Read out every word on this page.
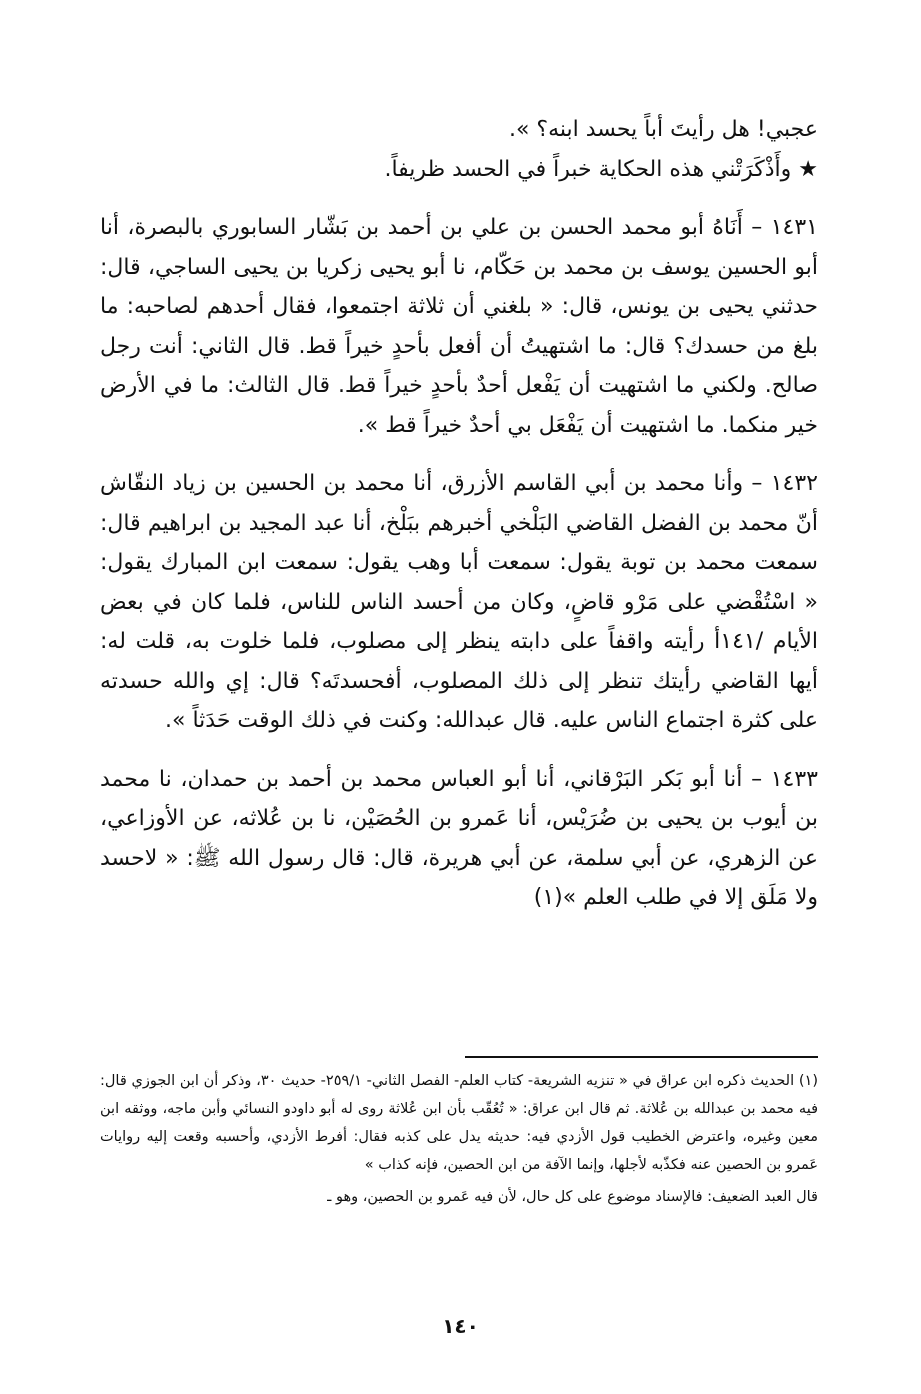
عجبي! هل رأيتَ أباً يحسد ابنه؟ ».
★ وأَذْكَرَتْني هذه الحكاية خبراً في الحسد ظريفاً.

١٤٣١ – أَنَاهُ أبو محمد الحسن بن علي بن أحمد بن بَشّار السابوري بالبصرة، أنا أبو الحسين يوسف بن محمد بن حَكّام، نا أبو يحيى زكريا بن يحيى الساجي، قال: حدثني يحيى بن يونس، قال: « بلغني أن ثلاثة اجتمعوا، فقال أحدهم لصاحبه: ما بلغ من حسدك؟ قال: ما اشتهيتُ أن أفعل بأحدٍ خيراً قط. قال الثاني: أنت رجل صالح. ولكني ما اشتهيت أن يَفْعل أحدٌ بأحدٍ خيراً قط. قال الثالث: ما في الأرض خير منكما. ما اشتهيت أن يَفْعَل بي أحدٌ خيراً قط ».

١٤٣٢ – وأنا محمد بن أبي القاسم الأزرق، أنا محمد بن الحسين بن زياد النقّاش أنّ محمد بن الفضل القاضي البَلْخي أخبرهم ببَلْخ، أنا عبد المجيد بن ابراهيم قال: سمعت محمد بن توبة يقول: سمعت أبا وهب يقول: سمعت ابن المبارك يقول: « اسْتُقْضي على مَرْو قاضٍ، وكان من أحسد الناس للناس، فلما كان في بعض الأيام /١٤١أ رأيته واقفاً على دابته ينظر إلى مصلوب، فلما خلوت به، قلت له: أيها القاضي رأيتك تنظر إلى ذلك المصلوب، أفحسدتَه؟ قال: إي والله حسدته على كثرة اجتماع الناس عليه. قال عبدالله: وكنت في ذلك الوقت حَدَثاً ».

١٤٣٣ – أنا أبو بَكر البَرْقاني، أنا أبو العباس محمد بن أحمد بن حمدان، نا محمد بن أيوب بن يحيى بن ضُرَيْس، أنا عَمرو بن الحُصَيْن، نا بن عُلاثه، عن الأوزاعي، عن الزهري، عن أبي سلمة، عن أبي هريرة، قال: قال رسول الله ﷺ: « لاحسد ولا مَلَق إلا في طلب العلم »(١)

(١) الحديث ذكره ابن عراق في « تنزيه الشريعة- كتاب العلم- الفصل الثاني- ٢٥٩/١- حديث ٣٠، وذكر أن ابن الجوزي قال: فيه محمد بن عبدالله بن عُلاثة. ثم قال ابن عراق: « تُعُقّب بأن ابن عُلاثة روى له أبو داودو النسائي وأبن ماجه، ووثقه ابن معين وغيره، واعترض الخطيب قول الأزدي فيه: حديثه يدل على كذبه فقال: أفرط الأزدي، وأحسبه وقعت إليه روايات عَمرو بن الحصين عنه فكذّبه لأجلها، وإنما الآفة من ابن الحصين، فإنه كذاب »

قال العبد الضعيف: فالإسناد موضوع على كل حال، لأن فيه عَمرو بن الحصين، وهو ـ

١٤٠
